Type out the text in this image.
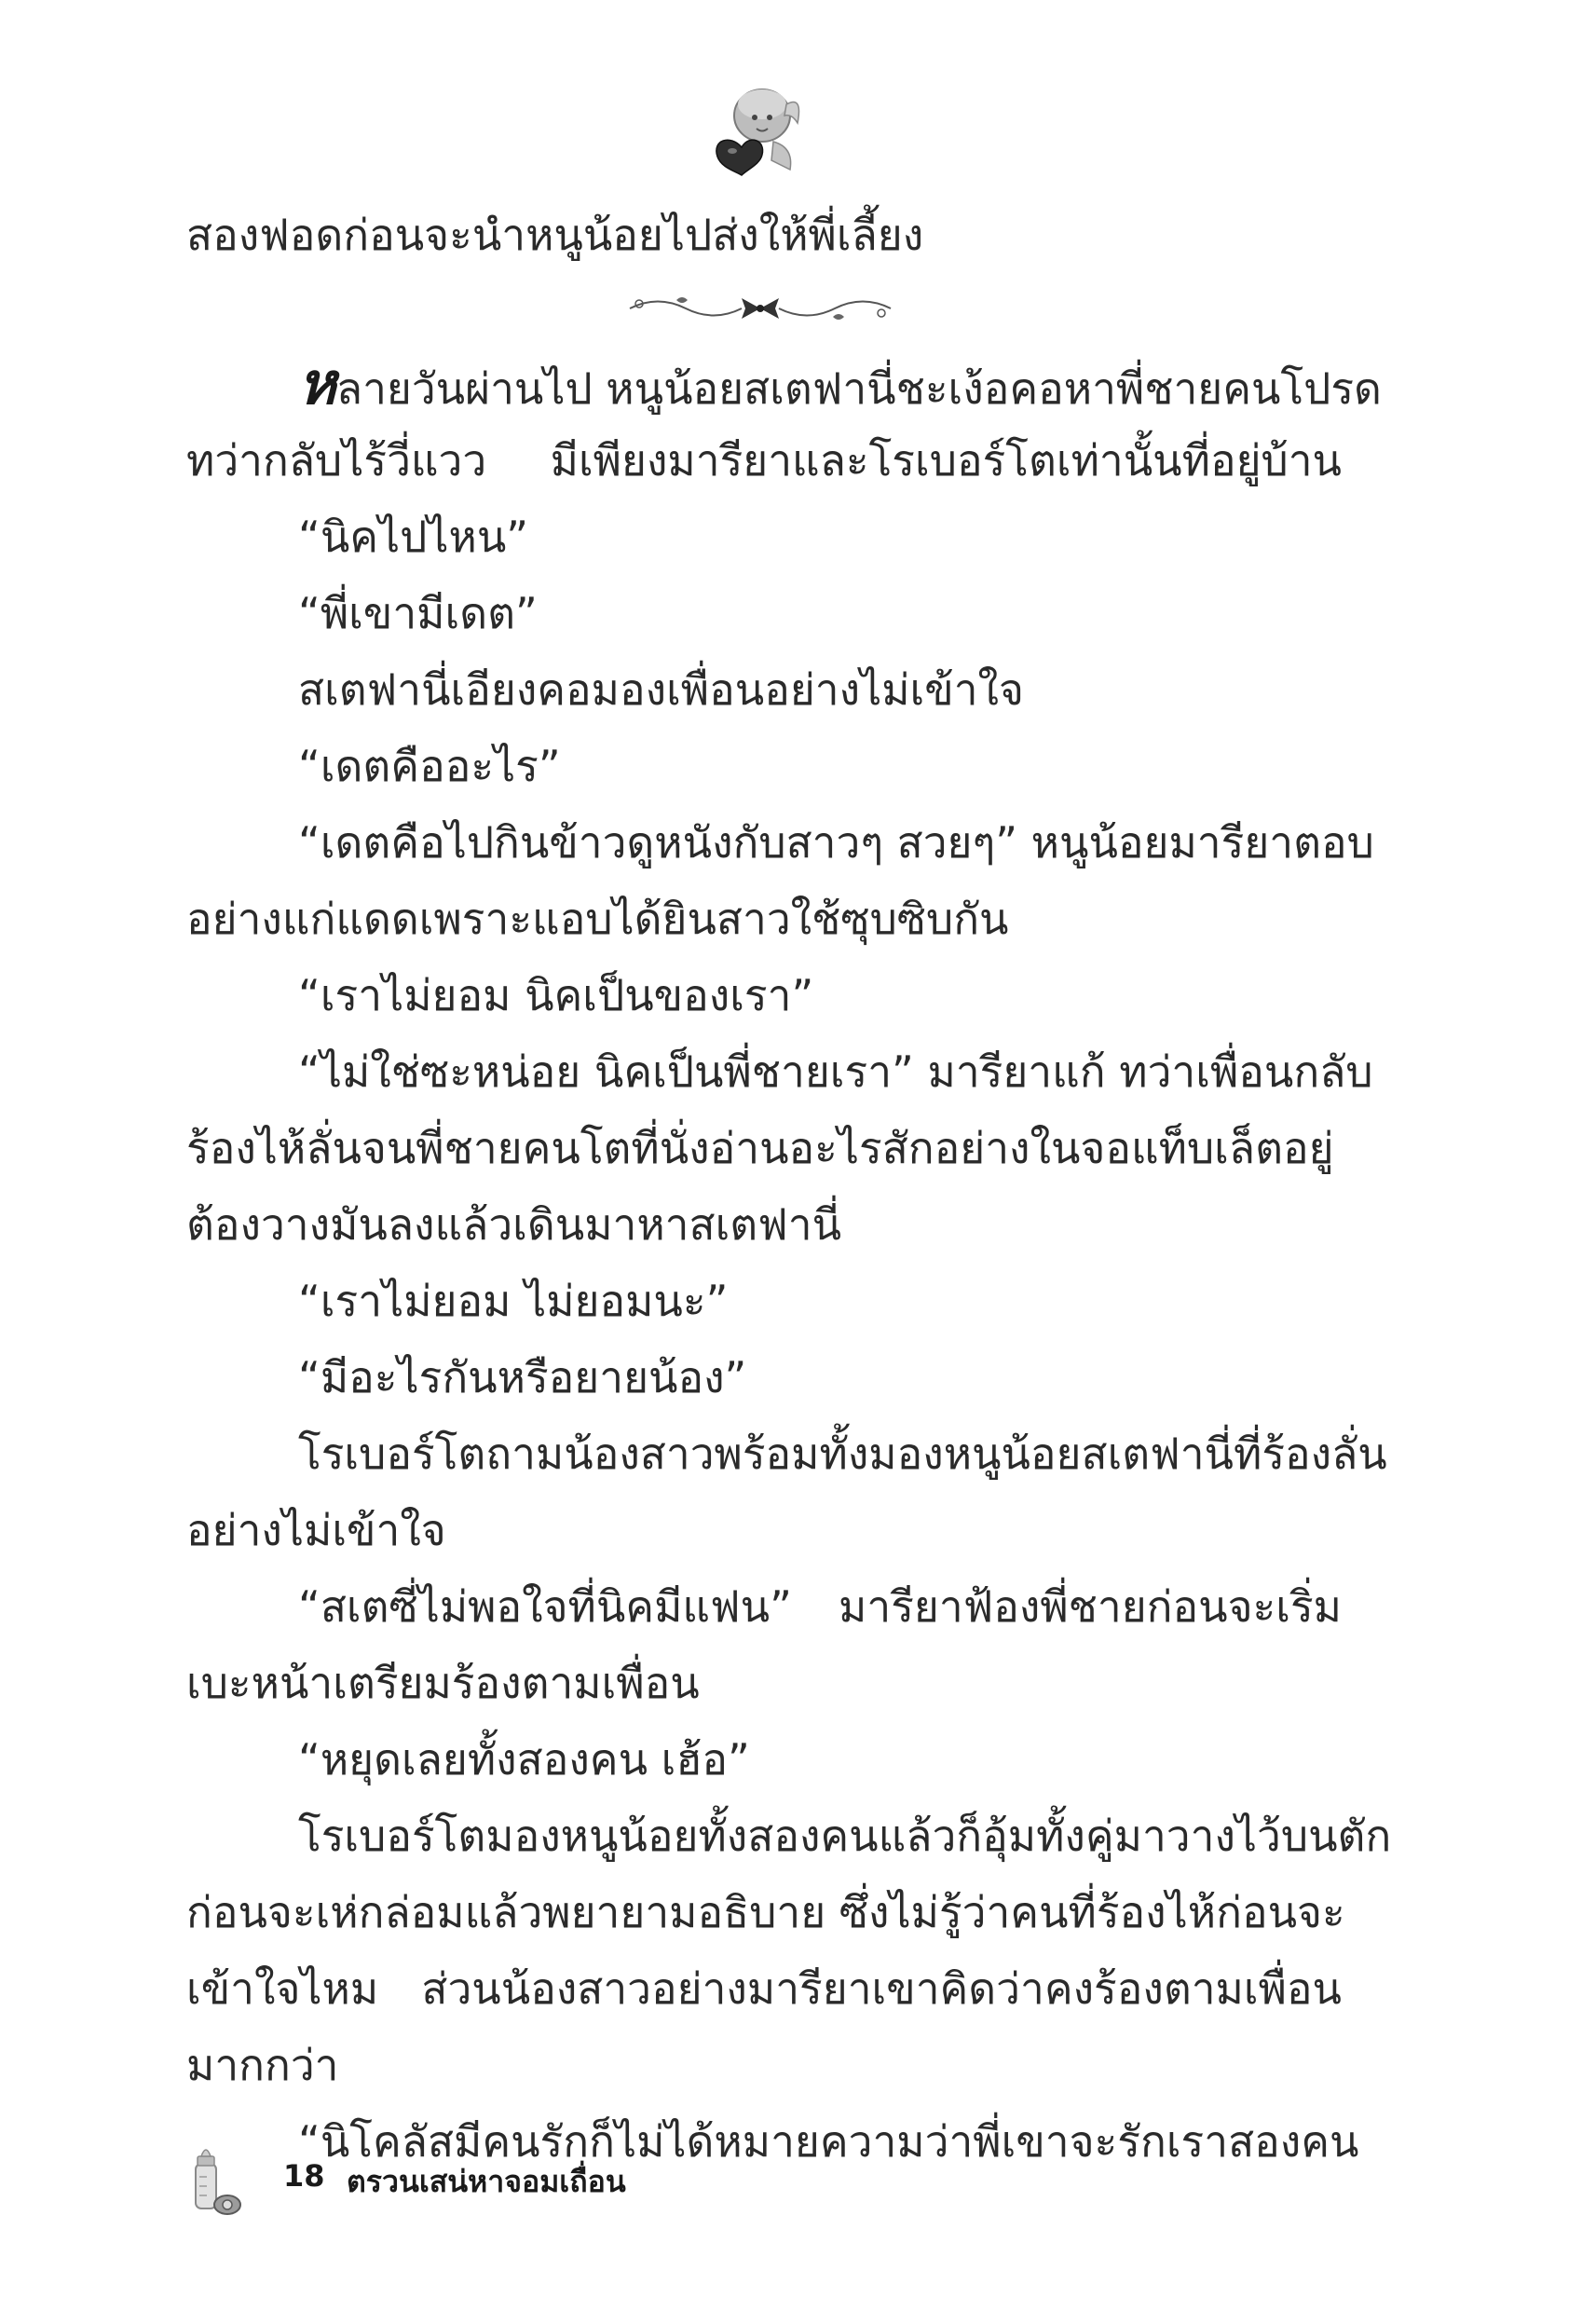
สองฟอดก่อนจะนำหนูน้อยไปส่งให้พี่เลี้ยง
หลายวันผ่านไป หนูน้อยสเตฟานี่ชะเง้อคอหาพี่ชายคนโปรด
ทว่ากลับไร้วี่แวว มีเพียงมารียาและโรเบอร์โตเท่านั้นที่อยู่บ้าน
“นิคไปไหน”
“พี่เขามีเดต”
สเตฟานี่เอียงคอมองเพื่อนอย่างไม่เข้าใจ
“เดตคืออะไร”
“เดตคือไปกินข้าวดูหนังกับสาวๆ สวยๆ” หนูน้อยมารียาตอบ
อย่างแก่แดดเพราะแอบได้ยินสาวใช้ซุบซิบกัน
“เราไม่ยอม นิคเป็นของเรา”
“ไม่ใช่ซะหน่อย นิคเป็นพี่ชายเรา” มารียาแก้ ทว่าเพื่อนกลับ
ร้องไห้ลั่นจนพี่ชายคนโตที่นั่งอ่านอะไรสักอย่างในจอแท็บเล็ตอยู่
ต้องวางมันลงแล้วเดินมาหาสเตฟานี่
“เราไม่ยอม ไม่ยอมนะ”
“มีอะไรกันหรือยายน้อง”
โรเบอร์โตถามน้องสาวพร้อมทั้งมองหนูน้อยสเตฟานี่ที่ร้องลั่น
อย่างไม่เข้าใจ
“สเตซี่ไม่พอใจที่นิคมีแฟน” มารียาฟ้องพี่ชายก่อนจะเริ่ม
เบะหน้าเตรียมร้องตามเพื่อน
“หยุดเลยทั้งสองคน เฮ้อ”
โรเบอร์โตมองหนูน้อยทั้งสองคนแล้วก็อุ้มทั้งคู่มาวางไว้บนตัก
ก่อนจะเห่กล่อมแล้วพยายามอธิบาย ซึ่งไม่รู้ว่าคนที่ร้องไห้ก่อนจะ
เข้าใจไหม ส่วนน้องสาวอย่างมารียาเขาคิดว่าคงร้องตามเพื่อน
มากกว่า
“นิโคลัสมีคนรักก็ไม่ได้หมายความว่าพี่เขาจะรักเราสองคน
18 ตรวนเสน่หาจอมเถื่อน
